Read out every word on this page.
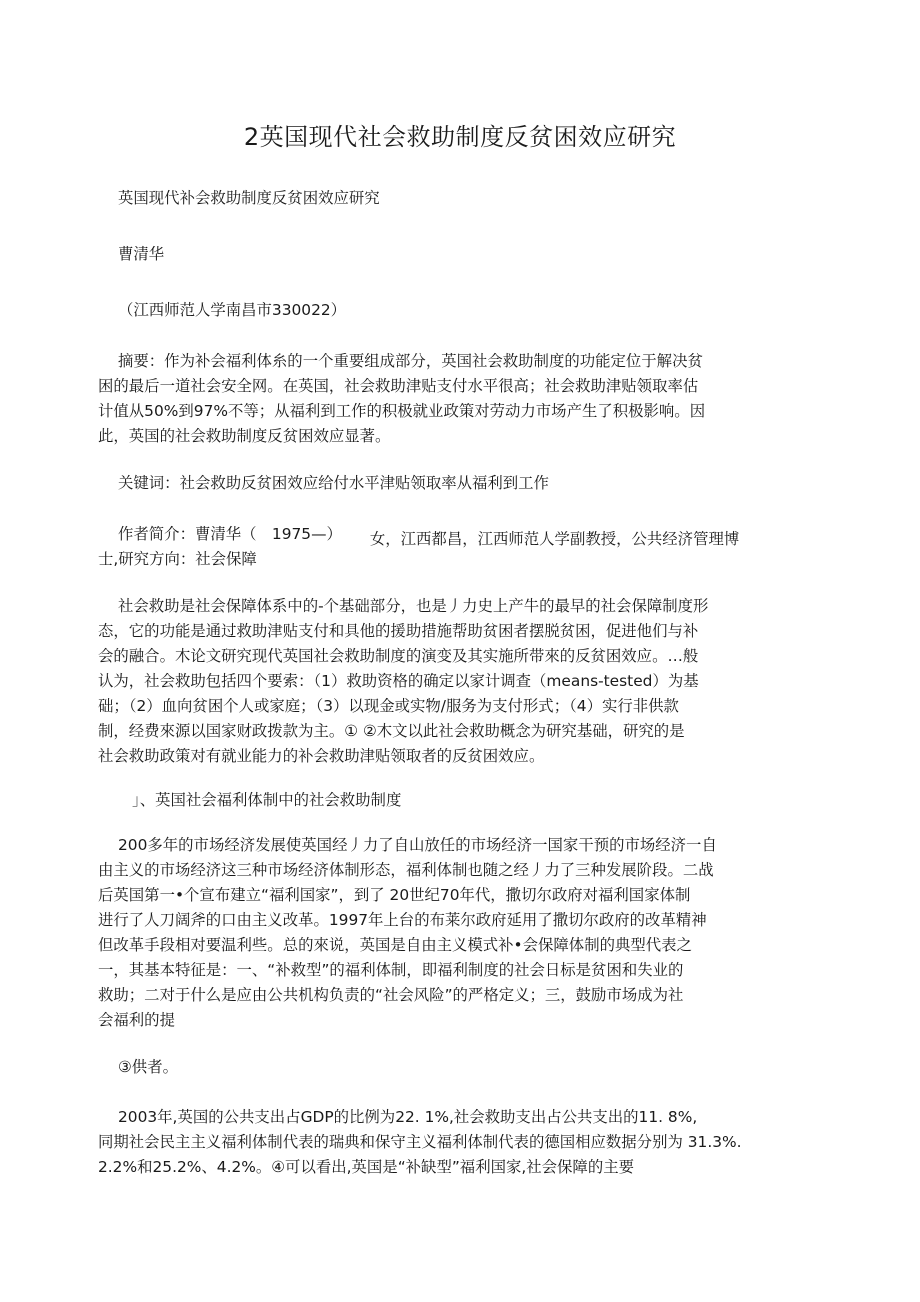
2英国现代社会救助制度反贫困效应研究
英国现代补会救助制度反贫困效应研究
曹清华
（江西师范人学南昌市330022）
摘要：作为补会福利体糸的一个重要组成部分，英国社会救助制度的功能定位于解决贫
困的最后一道社会安全网。在英国，社会救助津贴支付水平很高；社会救助津贴领取率估
计值从50%到97%不等；从福利到工作的积极就业政策对劳动力市场产生了积极影响。因
此，英国的社会救助制度反贫困效应显著。
关键词：社会救助反贫困效应给付水平津贴领取率从福利到工作
作者简介：曹清华（　1975—） 女，江西都昌，江西师范人学副教授，公共经济管理博
士,研究方向：社会保障
社会救助是社会保障体系中的-个基础部分，也是丿力史上产牛的最早的社会保障制度形
态，它的功能是通过救助津贴支付和具他的援助措施帮助贫困者摆脱贫困，促进他们与补
会的融合。木论文研究现代英国社会救助制度的演变及其实施所带來的反贫困效应。…般
认为，社会救助包括四个要索：（1）救助资格的确定以家计调查（means-tested）为基
础；（2）血向贫困个人或家庭；（3）以现金或实物/服务为支付形式；（4）实行非供款
制，经费來源以国家财政拨款为主。① ②木文以此社会救助概念为研究基础，研究的是
社会救助政策对有就业能力的补会救助津贴领取者的反贫困效应。
」、英国社会福利体制中的社会救助制度
200多年的市场经济发展使英国经丿力了自山放任的市场经济一国家干预的市场经济一自
由主义的市场经济这三种市场经济体制形态，福利体制也随之经丿力了三种发展阶段。二战
后英国第一•个宣布建立“福利国家”，到了 20世纪70年代，撒切尔政府对福利国家体制
进行了人刀阔斧的口由主义改革。1997年上台的布莱尔政府延用了撒切尔政府的改革精神
但改革手段相对要温利些。总的來说，英国是自由主义模式补•会保障体制的典型代表之
一，其基本特征是：一、“补救型”的福利体制，即福利制度的社会日标是贫困和失业的
救助；二对于什么是应由公共机构负责的“社会风险”的严格定义；三，鼓励市场成为社
会福利的提
③供者。
2003年,英国的公共支出占GDP的比例为22. 1%,社会救助支出占公共支出的11. 8%,
同期社会民主主义福利体制代表的瑞典和保守主义福利体制代表的德国相应数据分别为 31.3%.
2.2%和25.2%、4.2%。④可以看出,英国是“补缺型”福利国家,社会保障的主要
